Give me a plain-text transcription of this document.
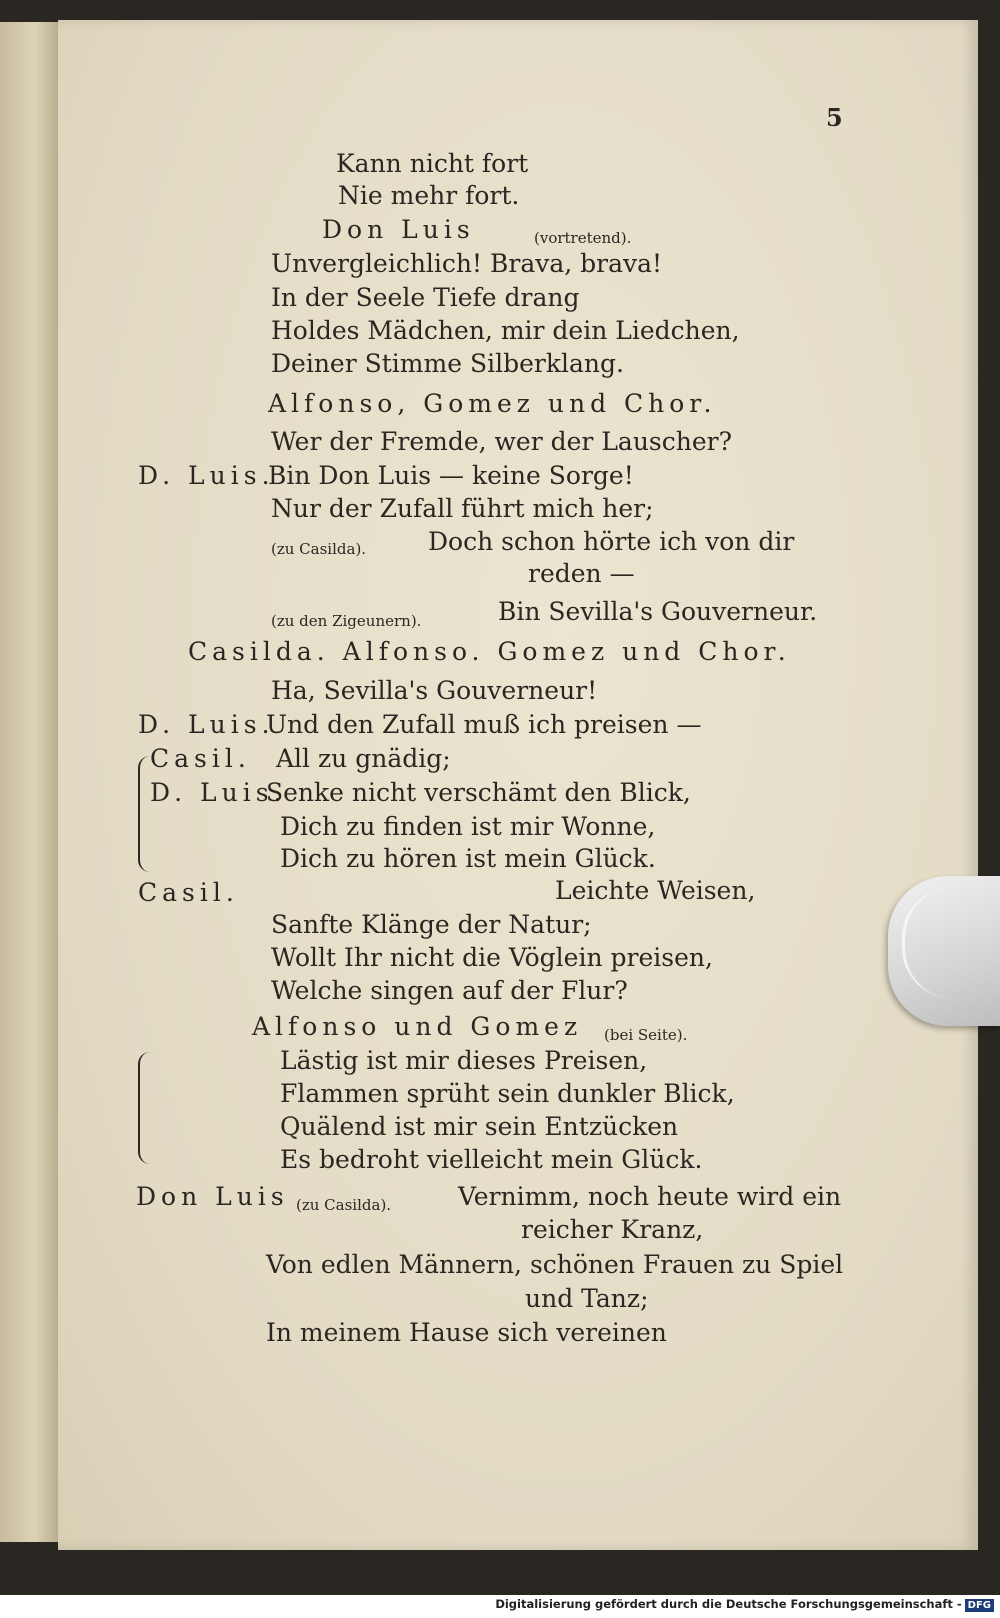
5
Kann nicht fort
Nie mehr fort.
Don Luis	(vortretend).
Unvergleichlich! Brava, brava!
In der Seele Tiefe drang
Holdes Mädchen, mir dein Liedchen,
Deiner Stimme Silberklang.
Alfonso, Gomez und Chor.
Wer der Fremde, wer der Lauscher?
D. Luis.
Bin Don Luis — keine Sorge!
Nur der Zufall führt mich her;
(zu Casilda). Doch schon hörte ich von dir
reden —
(zu den Zigeunern).	Bin Sevilla's Gouverneur.
Casilda. Alfonso. Gomez und Chor.
Ha, Sevilla's Gouverneur!
D. Luis.
Und den Zufall muß ich preisen —
Casil. All zu gnädig;
D. Luis.
Senke nicht verschämt den Blick,
Dich zu finden ist mir Wonne,
Dich zu hören ist mein Glück.
Casil.	Leichte Weisen,
Sanfte Klänge der Natur;
Wollt Ihr nicht die Vöglein preisen,
Welche singen auf der Flur?
Alfonso und Gomez (bei Seite).
Lästig ist mir dieses Preisen,
Flammen sprüht sein dunkler Blick,
Quälend ist mir sein Entzücken
Es bedroht vielleicht mein Glück.
Don Luis (zu Casilda).	Vernimm, noch heute wird ein
reicher Kranz,
Von edlen Männern, schönen Frauen zu Spiel
und Tanz;
In meinem Hause sich vereinen
Digitalisierung gefördert durch die Deutsche Forschungsgemeinschaft - DFG
